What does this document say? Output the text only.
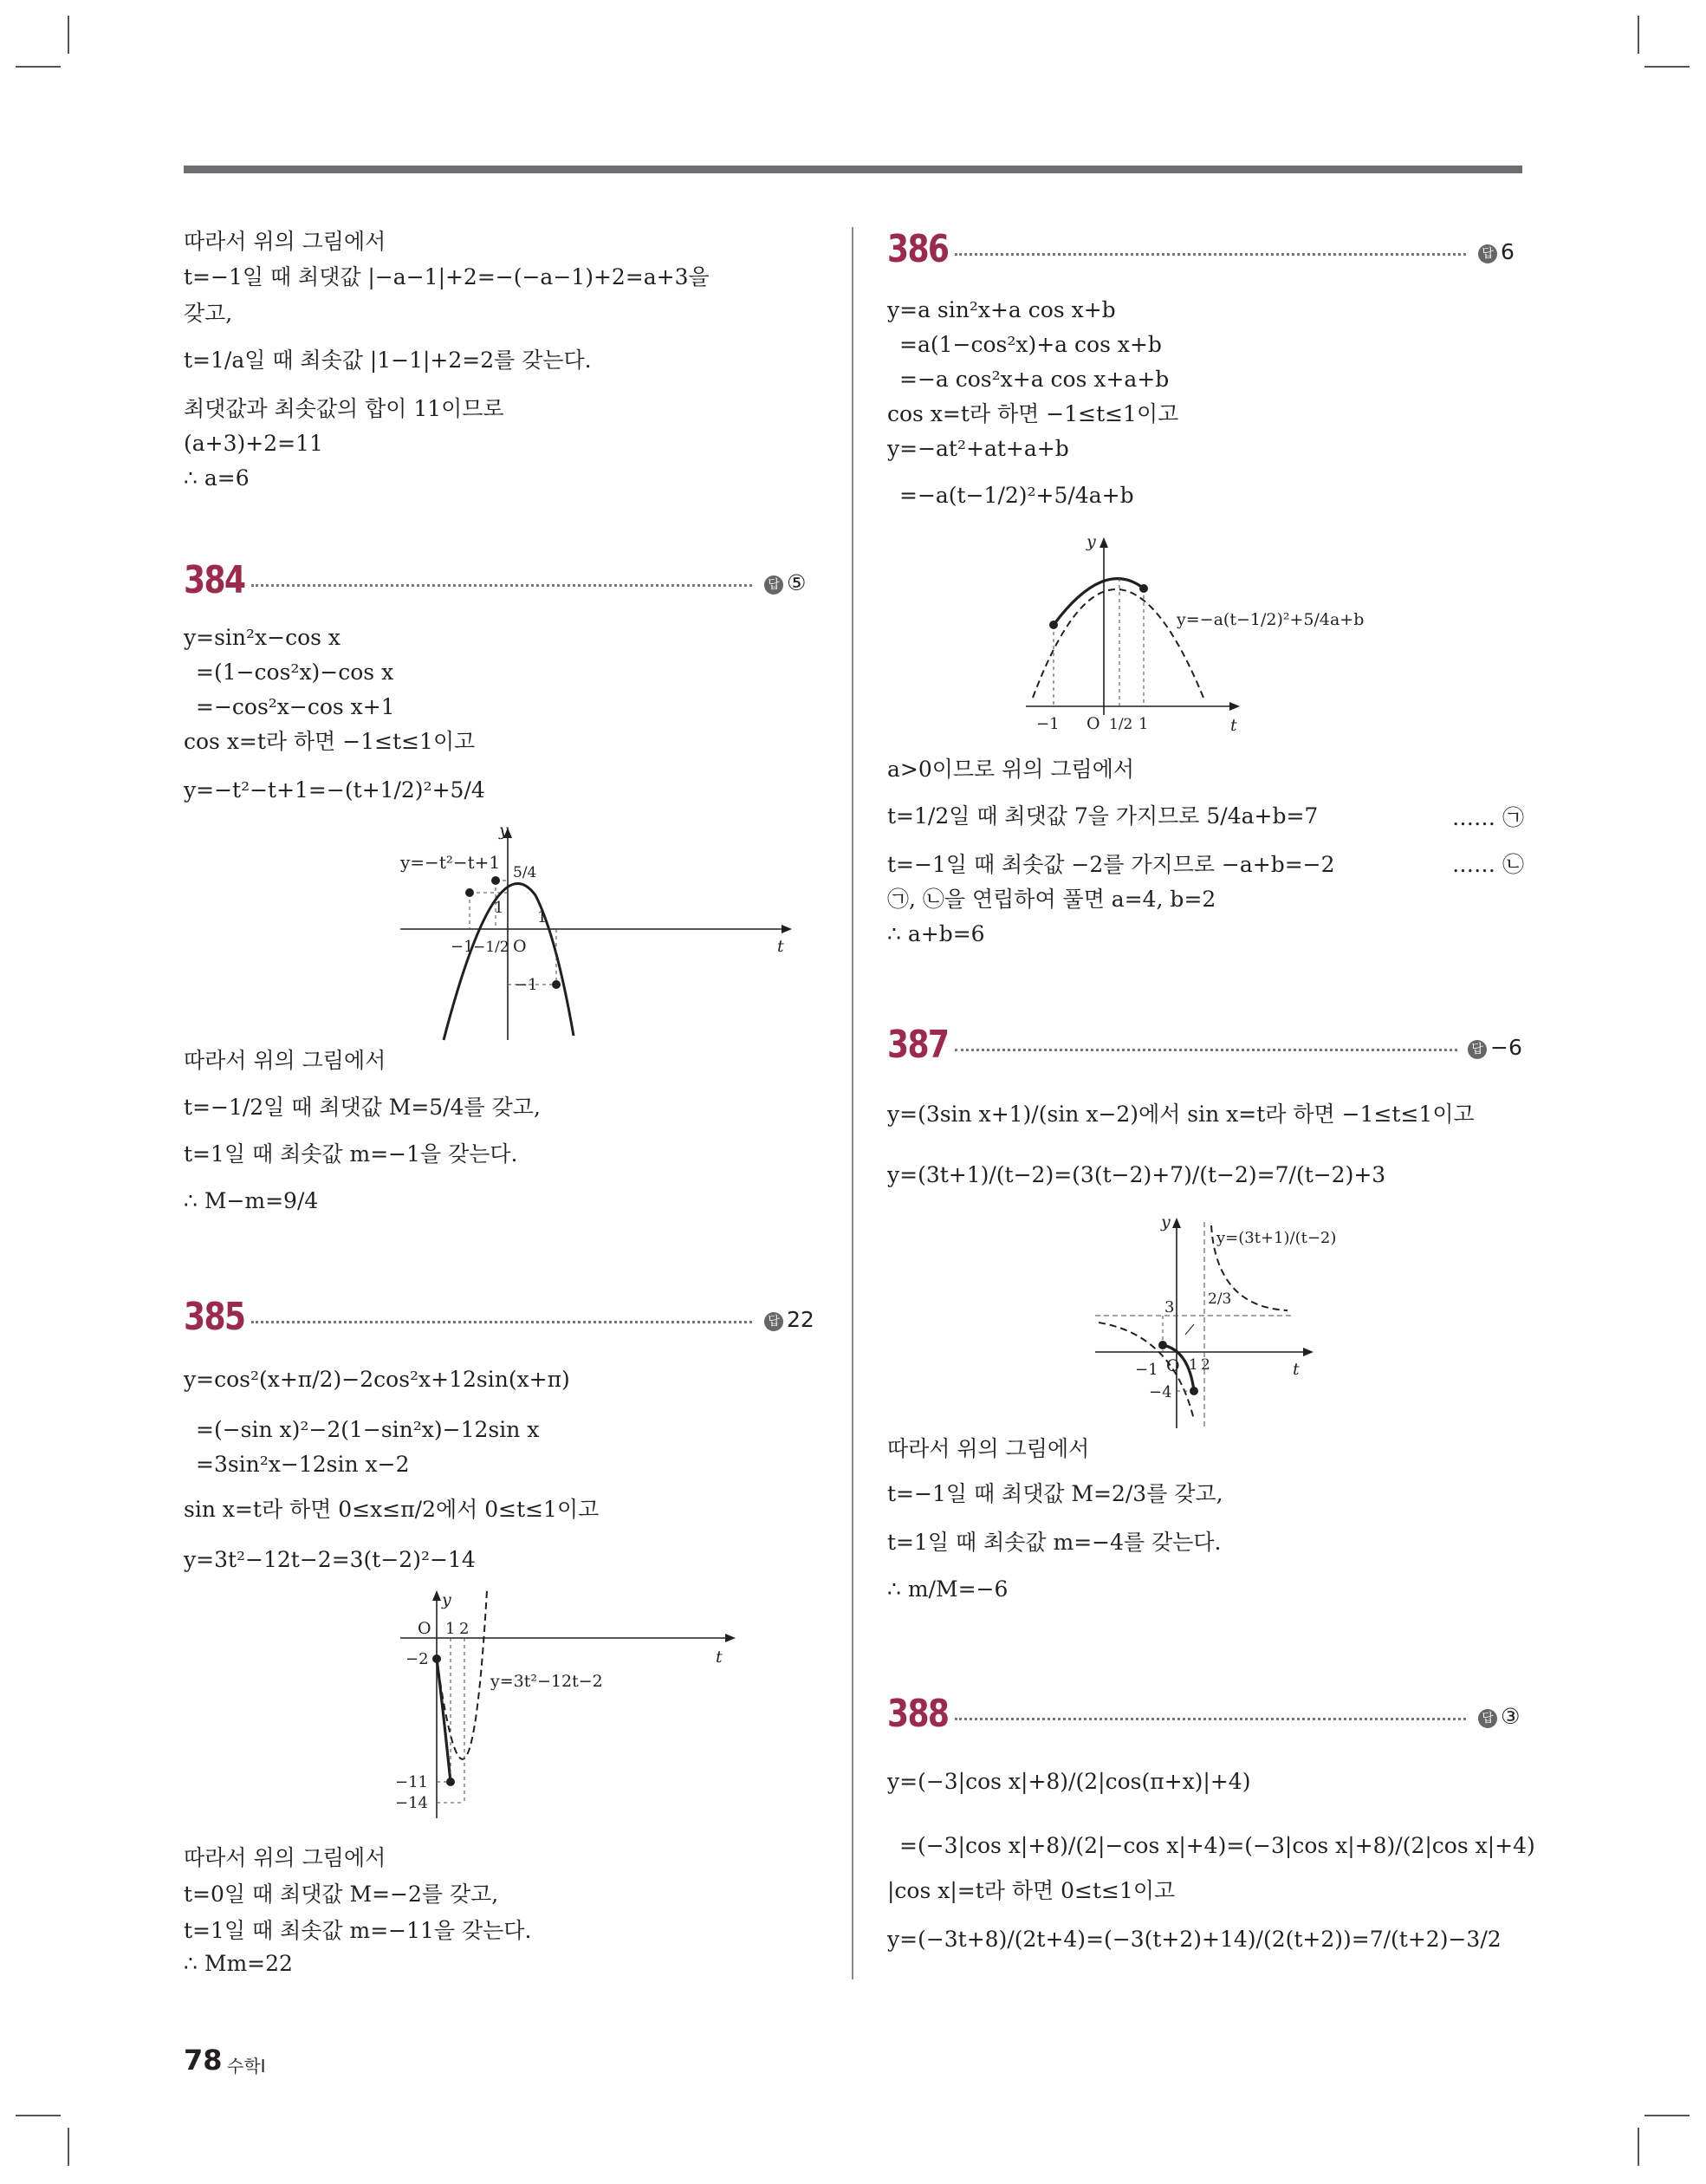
따라서 위의 그림에서
t=−1일 때 최댓값 |−a−1|+2=−(−a−1)+2=a+3을
갖고,
t=1/a일 때 최솟값 |1−1|+2=2를 갖는다.
최댓값과 최솟값의 합이 11이므로
(a+3)+2=11
∴ a=6
384	답 ⑤
y=sin²x−cos x
=(1−cos²x)−cos x
=−cos²x−cos x+1
cos x=t라 하면 −1≤t≤1이고
y=−t²−t+1=−(t+1/2)²+5/4
y=−t²−t+1
y
t
O
5/4
1
1
−1 −1/2
−1
따라서 위의 그림에서
t=−1/2일 때 최댓값 M=5/4를 갖고,
t=1일 때 최솟값 m=−1을 갖는다.
∴ M−m=9/4
385	답 22
y=cos²(x+π/2)−2cos²x+12sin(x+π)
=(−sin x)²−2(1−sin²x)−12sin x
=3sin²x−12sin x−2
sin x=t라 하면 0≤x≤π/2에서 0≤t≤1이고
y=3t²−12t−2=3(t−2)²−14
y=3t²−12t−2
y
t
O 1 2
−2
−11
−14
따라서 위의 그림에서
t=0일 때 최댓값 M=−2를 갖고,
t=1일 때 최솟값 m=−11을 갖는다.
∴ Mm=22
386	답 6
y=a sin²x+a cos x+b
=a(1−cos²x)+a cos x+b
=−a cos²x+a cos x+a+b
cos x=t라 하면 −1≤t≤1이고
y=−at²+at+a+b
=−a(t−1/2)²+5/4a+b
y=−a(t−1/2)²+5/4a+b
y
t
O
−1	1/2 1
a>0이므로 위의 그림에서
t=1/2일 때 최댓값 7을 가지므로 5/4a+b=7
t=−1일 때 최솟값 −2를 가지므로 −a+b=−2
㉠, ㉡을 연립하여 풀면 a=4, b=2
∴ a+b=6
…… ㉠
…… ㉡
387	답 −6
y=(3sin x+1)/(sin x−2)에서 sin x=t라 하면 −1≤t≤1이고
y=(3t+1)/(t−2)=(3(t−2)+7)/(t−2)=7/(t−2)+3
y=(3t+1)/(t−2)
y
t
O
3 2/3
−1 1 2
−4
따라서 위의 그림에서
t=−1일 때 최댓값 M=2/3를 갖고,
t=1일 때 최솟값 m=−4를 갖는다.
∴ m/M=−6
388	답 ③
y=(−3|cos x|+8)/(2|cos(π+x)|+4)
=(−3|cos x|+8)/(2|−cos x|+4)=(−3|cos x|+8)/(2|cos x|+4)
|cos x|=t라 하면 0≤t≤1이고
y=(−3t+8)/(2t+4)=(−3(t+2)+14)/(2(t+2))=7/(t+2)−3/2
78 수학Ⅰ
